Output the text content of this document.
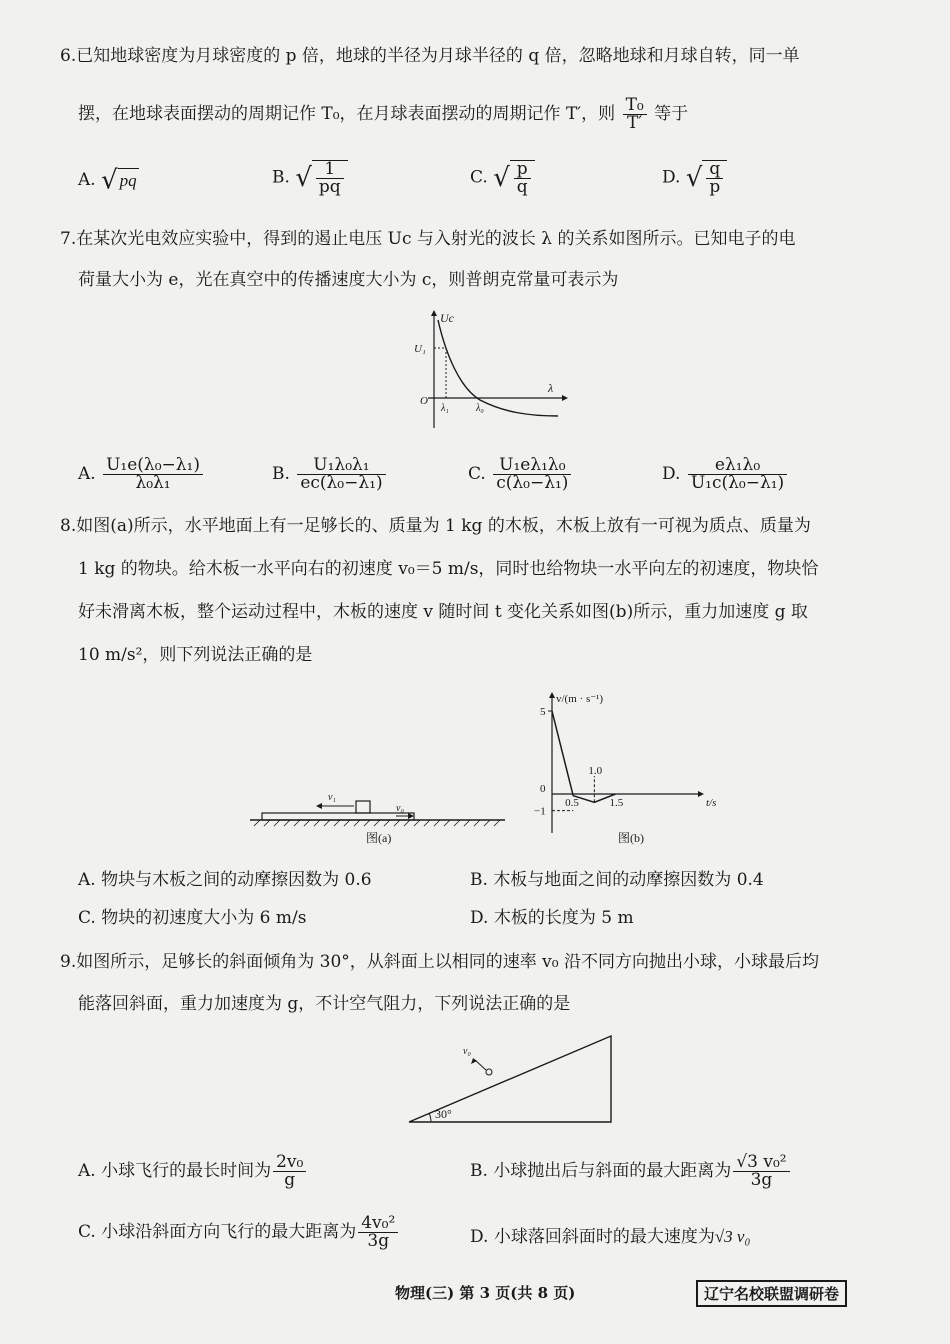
6.已知地球密度为月球密度的 p 倍，地球的半径为月球半径的 q 倍，忽略地球和月球自转，同一单
摆，在地球表面摆动的周期记作 T₀，在月球表面摆动的周期记作 T′，则 $\frac{\text{T₀}}{T'}$ 等于
A. √ pq	B. √ $\frac{1}{pq}$	C. √ $\frac{p}{q}$	D. √ $\frac{q}{p}$
7.在某次光电效应实验中，得到的遏止电压 Uc 与入射光的波长 λ 的关系如图所示。已知电子的电
荷量大小为 e，光在真空中的传播速度大小为 c，则普朗克常量可表示为
Uc
λ
U₁
O
λ₁	λ₀
A. $\frac{\text{U₁e(λ₀−λ₁)}}{\text{λ₀λ₁}}$	B. $\frac{\text{U₁λ₀λ₁}}{\text{ec(λ₀−λ₁)}}$	C. $\frac{\text{U₁eλ₁λ₀}}{\text{c(λ₀−λ₁)}}$	D. $\frac{\text{eλ₁λ₀}}{\text{U₁c(λ₀−λ₁)}}$
8.如图(a)所示，水平地面上有一足够长的、质量为 1 kg 的木板，木板上放有一可视为质点、质量为
1 kg 的物块。给木板一水平向右的初速度 v₀＝5 m/s，同时也给物块一水平向左的初速度，物块恰
好未滑离木板，整个运动过程中，木板的速度 v 随时间 t 变化关系如图(b)所示，重力加速度 g 取
10 m/s²，则下列说法正确的是
v₁
v₀
图(a)
v/(m · s⁻¹)
t/s
5
−1
0
0.5
1.0
1.5
图(b)
A. 物块与木板之间的动摩擦因数为 0.6	B. 木板与地面之间的动摩擦因数为 0.4
C. 物块的初速度大小为 6 m/s	D. 木板的长度为 5 m
9.如图所示，足够长的斜面倾角为 30°，从斜面上以相同的速率 v₀ 沿不同方向抛出小球，小球最后均
能落回斜面，重力加速度为 g，不计空气阻力，下列说法正确的是
30°
v₀
A. 小球飞行的最长时间为 $\frac{\text{2v₀}}{g}$	B. 小球抛出后与斜面的最大距离为 $\frac{\text{√3 v₀²}}{3g}$
C. 小球沿斜面方向飞行的最大距离为 $\frac{\text{4v₀²}}{3g}$	D. 小球落回斜面时的最大速度为√3 v₀
物理(三) 第 3 页(共 8 页)	辽宁名校联盟调研卷
